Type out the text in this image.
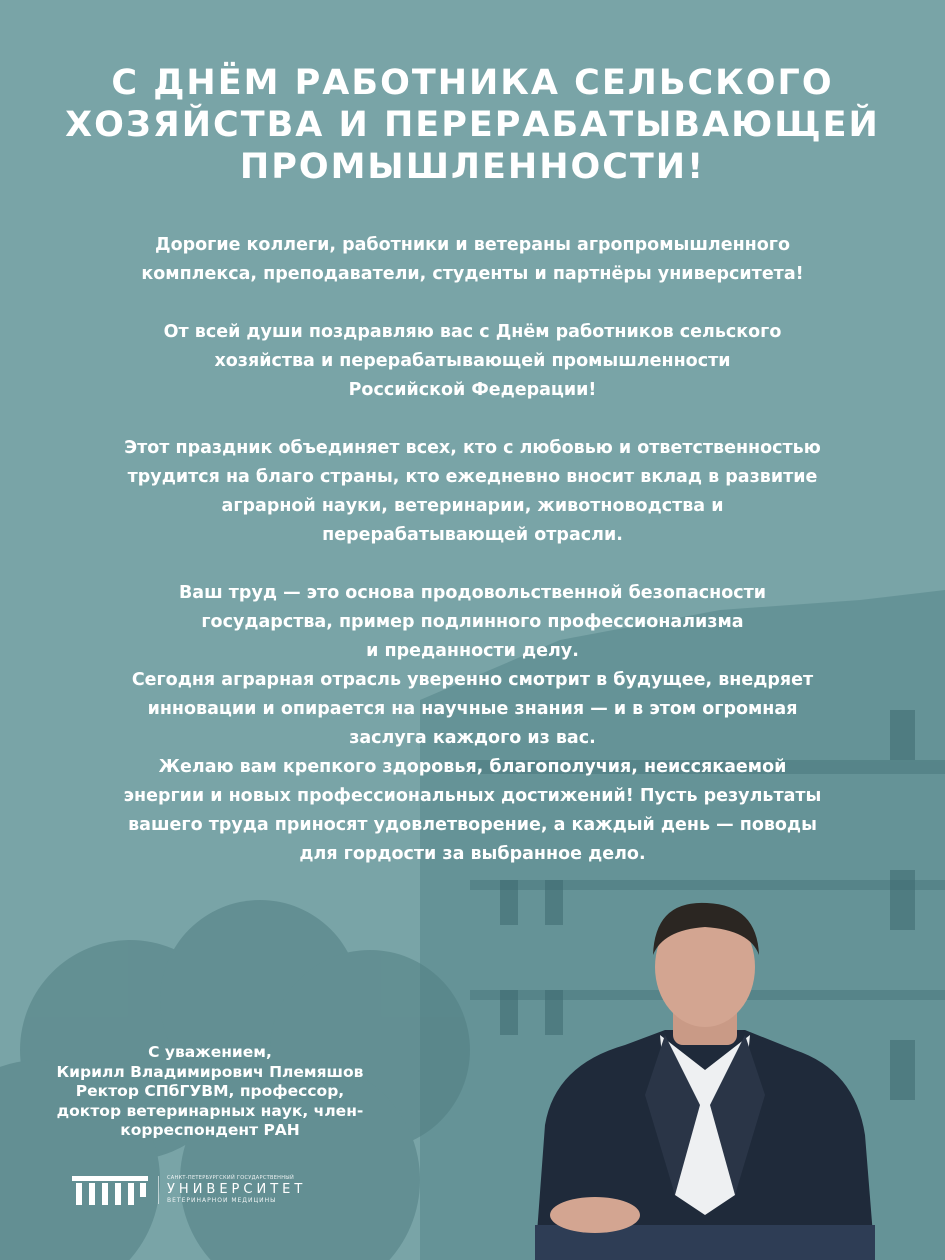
С ДНЁМ РАБОТНИКА СЕЛЬСКОГО
ХОЗЯЙСТВА И ПЕРЕРАБАТЫВАЮЩЕЙ
ПРОМЫШЛЕННОСТИ!

Дорогие коллеги, работники и ветераны агропромышленного
комплекса, преподаватели, студенты и партнёры университета!

От всей души поздравляю вас с Днём работников сельского
хозяйства и перерабатывающей промышленности
Российской Федерации!

Этот праздник объединяет всех, кто с любовью и ответственностью
трудится на благо страны, кто ежедневно вносит вклад в развитие
аграрной науки, ветеринарии, животноводства и
перерабатывающей отрасли.

Ваш труд — это основа продовольственной безопасности
государства, пример подлинного профессионализма
и преданности делу.
Сегодня аграрная отрасль уверенно смотрит в будущее, внедряет
инновации и опирается на научные знания — и в этом огромная
заслуга каждого из вас.
Желаю вам крепкого здоровья, благополучия, неиссякаемой
энергии и новых профессиональных достижений! Пусть результаты
вашего труда приносят удовлетворение, а каждый день — поводы
для гордости за выбранное дело.

С уважением,
Кирилл Владимирович Племяшов
Ректор СПбГУВМ, профессор,
доктор ветеринарных наук, член-
корреспондент РАН
САНКТ-ПЕТЕРБУРГСКИЙ ГОСУДАРСТВЕННЫЙ
УНИВЕРСИТЕТ
ВЕТЕРИНАРНОЙ МЕДИЦИНЫ
